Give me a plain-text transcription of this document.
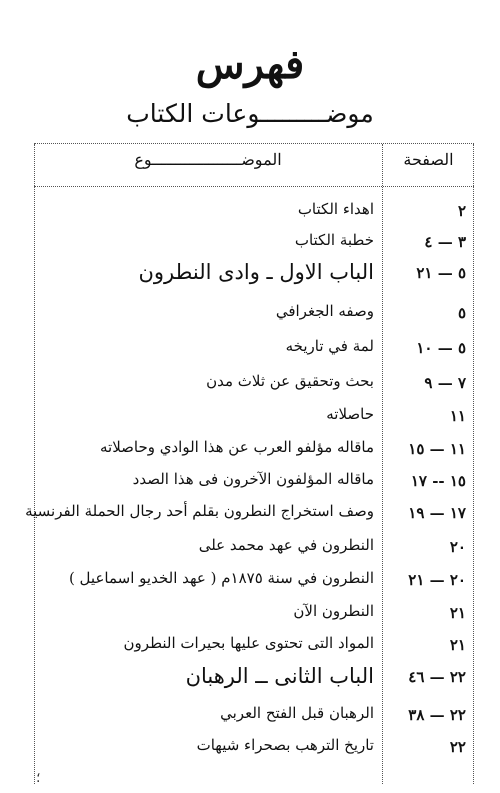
فهرس
موضـــــــــوعات الكتاب
الموضـــــــــــــــــــوع	الصفحة
اهداء الكتاب	٢
خطبة الكتاب	٣ — ٤
الباب الاول ـ وادى النطرون	٥ — ٢١
وصفه الجغرافي	٥
لمة في تاريخه	٥ — ١٠
بحث وتحقيق عن ثلاث مدن	٧ — ٩
حاصلاته	١١
ماقاله مؤلفو العرب عن هذا الوادي وحاصلاته	١١ — ١٥
ماقاله المؤلفون الآخرون فى هذا الصدد	١٥ -- ١٧
وصف استخراج النطرون بقلم أحد رجال الحملة الفرنسية	١٧ — ١٩
النطرون في عهد محمد على	٢٠
النطرون في سنة ١٨٧٥م ( عهد الخديو اسماعيل )	٢٠ — ٢١
النطرون الآن	٢١
المواد التى تحتوى عليها بحيرات النطرون	٢١
الباب الثانى ــ الرهبان	٢٢ — ٤٦
الرهبان قبل الفتح العربي	٢٢ — ٣٨
تاريخ الترهب بصحراء شيهات	٢٢
؛
